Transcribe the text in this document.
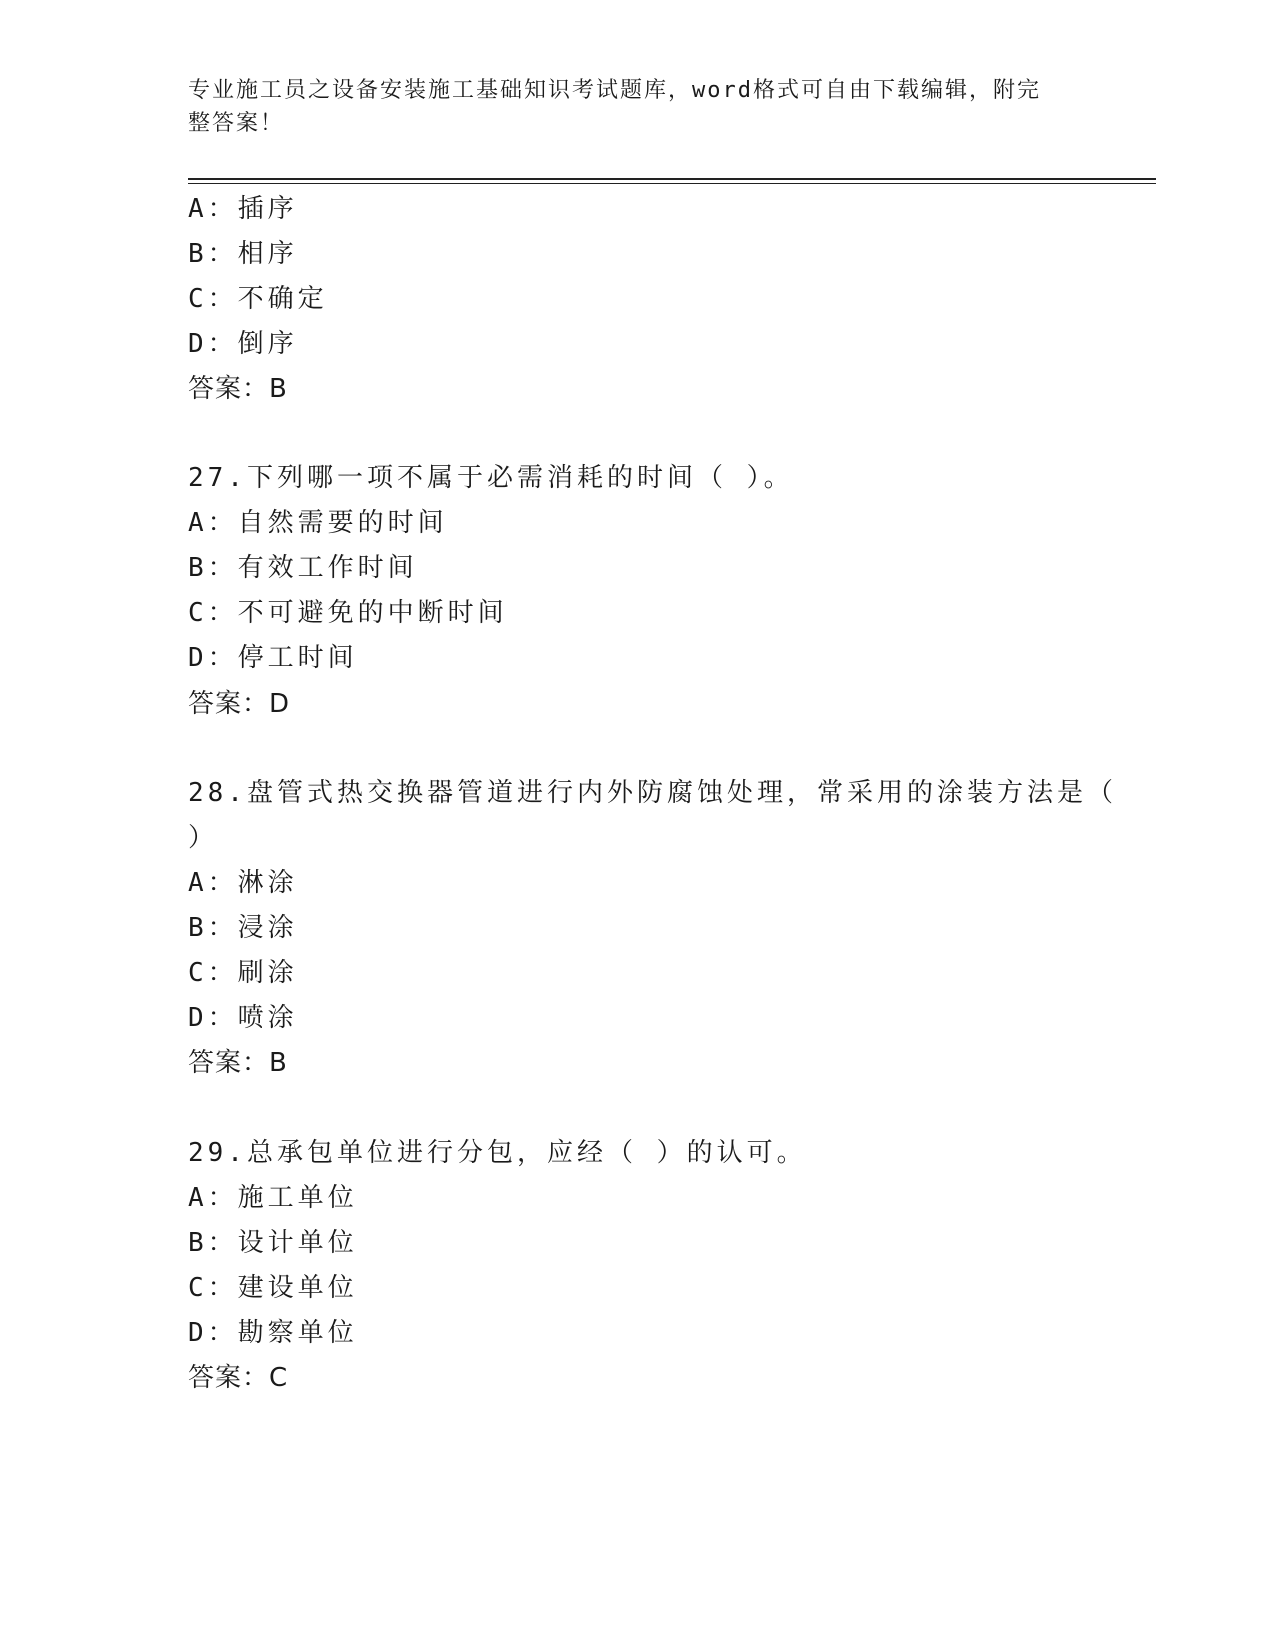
专业施工员之设备安装施工基础知识考试题库，word格式可自由下载编辑，附完
整答案！
A：插序
B：相序
C：不确定
D：倒序
答案：B
27.下列哪一项不属于必需消耗的时间（ ）。
A：自然需要的时间
B：有效工作时间
C：不可避免的中断时间
D：停工时间
答案：D
28.盘管式热交换器管道进行内外防腐蚀处理，常采用的涂装方法是（
）
A：淋涂
B：浸涂
C：刷涂
D：喷涂
答案：B
29.总承包单位进行分包，应经（ ）的认可。
A：施工单位
B：设计单位
C：建设单位
D：勘察单位
答案：C
